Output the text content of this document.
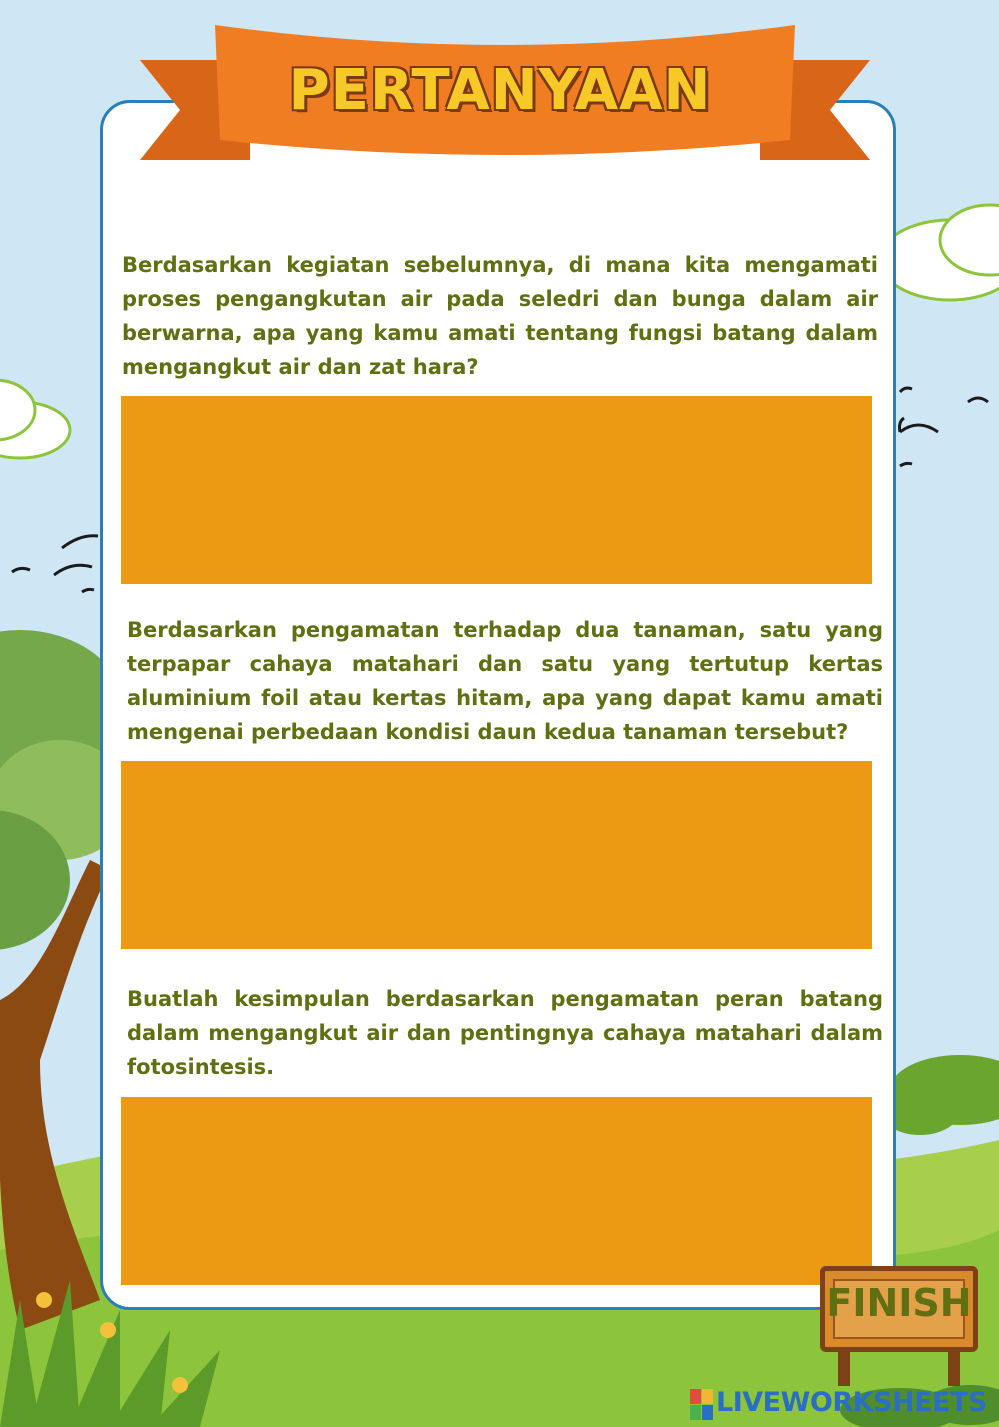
PERTANYAAN
Berdasarkan kegiatan sebelumnya, di mana kita mengamati proses pengangkutan air pada seledri dan bunga dalam air berwarna, apa yang kamu amati tentang fungsi batang dalam mengangkut air dan zat hara?
Berdasarkan pengamatan terhadap dua tanaman, satu yang terpapar cahaya matahari dan satu yang tertutup kertas aluminium foil atau kertas hitam, apa yang dapat kamu amati mengenai perbedaan kondisi daun kedua tanaman tersebut?
Buatlah kesimpulan berdasarkan pengamatan peran batang dalam mengangkut air dan pentingnya cahaya matahari dalam fotosintesis.
FINISH
LIVEWORKSHEETS
